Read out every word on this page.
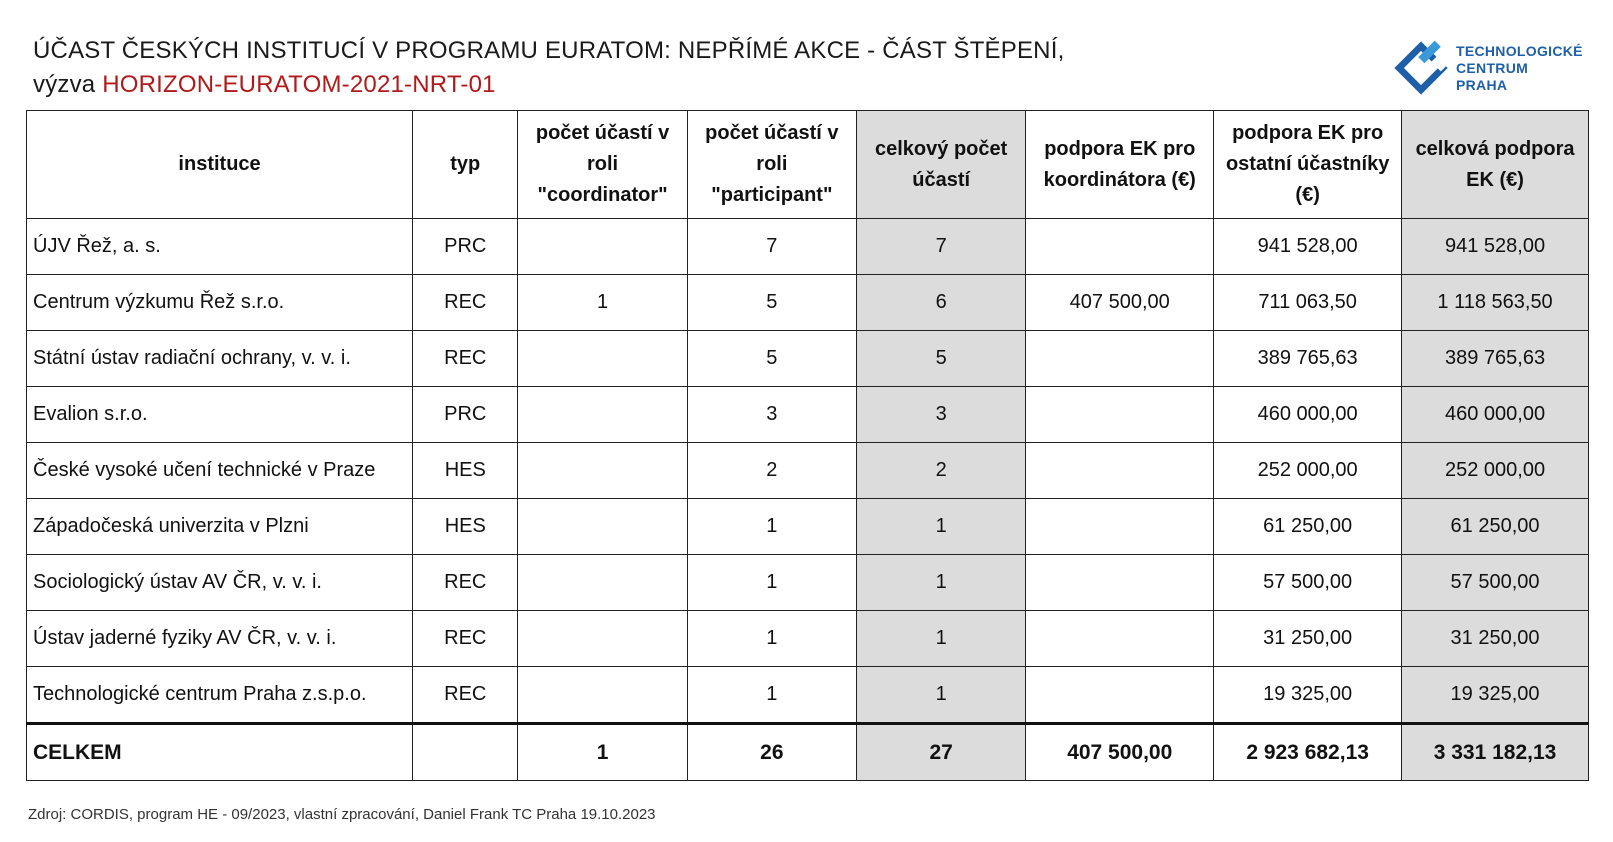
ÚČAST ČESKÝCH INSTITUCÍ V PROGRAMU EURATOM: NEPŘÍMÉ AKCE - ČÁST ŠTĚPENÍ,
výzva HORIZON-EURATOM-2021-NRT-01
TECHNOLOGICKÉ
CENTRUM PRAHA
instituce	typ	počet účastí v roli "coordinator"	počet účastí v roli "participant"	celkový počet účastí	podpora EK pro koordinátora (€)	podpora EK pro ostatní účastníky (€)	celková podpora EK (€)
ÚJV Řež, a. s.	PRC		7	7		941 528,00	941 528,00
Centrum výzkumu Řež s.r.o.	REC	1	5	6	407 500,00	711 063,50	1 118 563,50
Státní ústav radiační ochrany, v. v. i.	REC		5	5		389 765,63	389 765,63
Evalion s.r.o.	PRC		3	3		460 000,00	460 000,00
České vysoké učení technické v Praze	HES		2	2		252 000,00	252 000,00
Západočeská univerzita v Plzni	HES		1	1		61 250,00	61 250,00
Sociologický ústav AV ČR, v. v. i.	REC		1	1		57 500,00	57 500,00
Ústav jaderné fyziky AV ČR, v. v. i.	REC		1	1		31 250,00	31 250,00
Technologické centrum Praha z.s.p.o.	REC		1	1		19 325,00	19 325,00
CELKEM		1	26	27	407 500,00	2 923 682,13	3 331 182,13
Zdroj: CORDIS, program HE - 09/2023, vlastní zpracování, Daniel Frank TC Praha 19.10.2023
